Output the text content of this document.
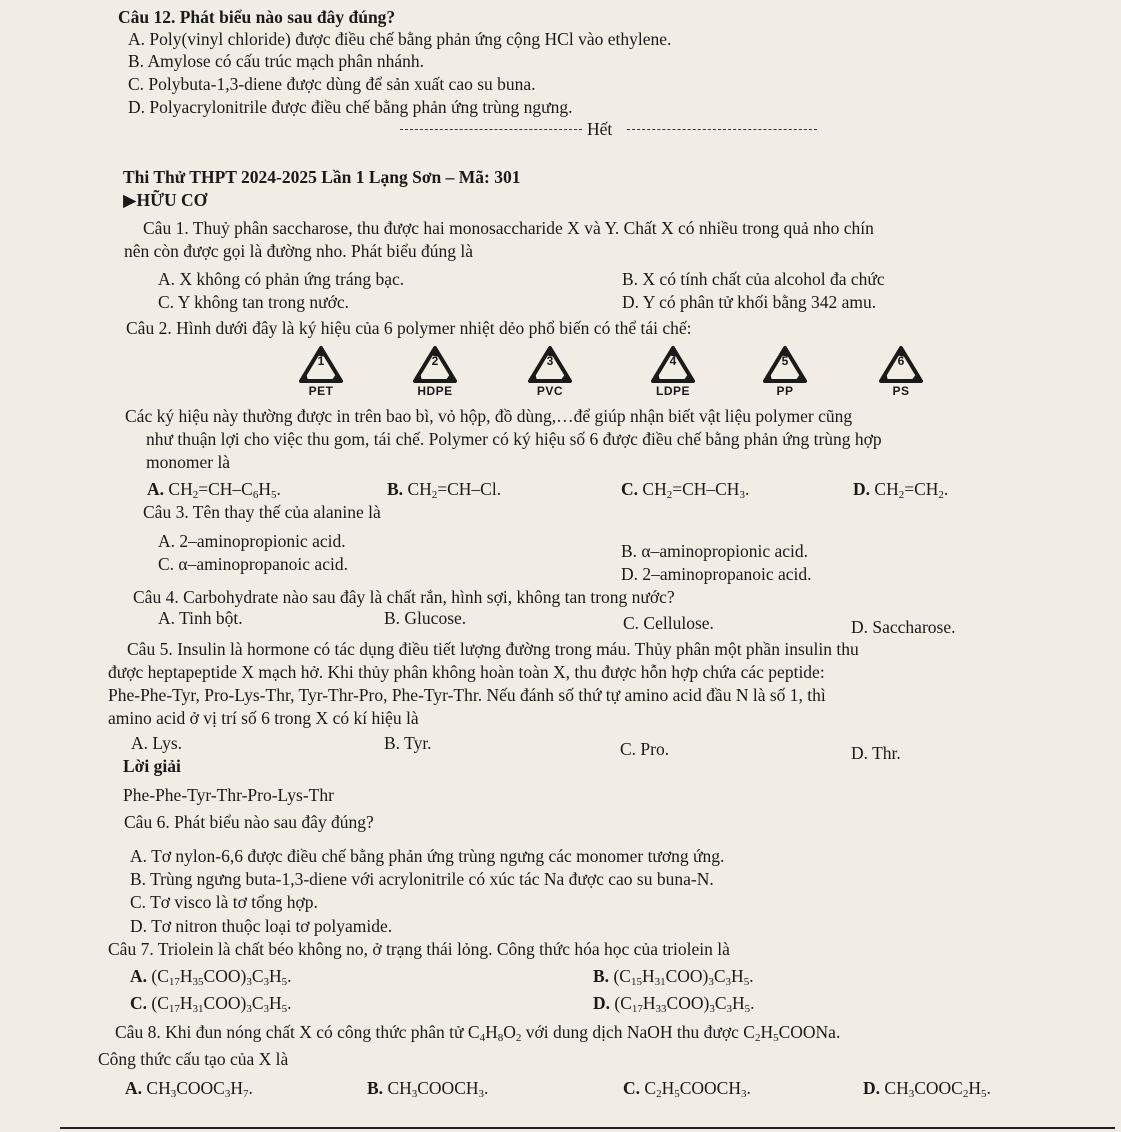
Câu 12. Phát biểu nào sau đây đúng?
A. Poly(vinyl chloride) được điều chế bằng phản ứng cộng HCl vào ethylene.
B. Amylose có cấu trúc mạch phân nhánh.
C. Polybuta-1,3-diene được dùng để sản xuất cao su buna.
D. Polyacrylonitrile được điều chế bằng phản ứng trùng ngưng.
Hết
Thi Thử THPT 2024-2025 Lần 1 Lạng Sơn – Mã: 301
▶HỮU CƠ
Câu 1. Thuỷ phân saccharose, thu được hai monosaccharide X và Y. Chất X có nhiều trong quả nho chín
nên còn được gọi là đường nho. Phát biểu đúng là
A. X không có phản ứng tráng bạc.	B. X có tính chất của alcohol đa chức
C. Y không tan trong nước.	D. Y có phân tử khối bằng 342 amu.
Câu 2. Hình dưới đây là ký hiệu của 6 polymer nhiệt dẻo phổ biến có thể tái chế:
1
PET
2
HDPE
3
PVC
4
LDPE
5
PP
6
PS
Các ký hiệu này thường được in trên bao bì, vỏ hộp, đồ dùng,…để giúp nhận biết vật liệu polymer cũng
như thuận lợi cho việc thu gom, tái chế. Polymer có ký hiệu số 6 được điều chế bằng phản ứng trùng hợp
monomer là
A. $CH_2=CH-C_6H_5$.	B. $CH_2=CH-Cl$.	C. $CH_2=CH-CH_3$.	D. $CH_2=CH_2$.
Câu 3. Tên thay thế của alanine là
A. 2–aminopropionic acid.	B. α–aminopropionic acid.
C. α–aminopropanoic acid.	D. 2–aminopropanoic acid.
Câu 4. Carbohydrate nào sau đây là chất rắn, hình sợi, không tan trong nước?
A. Tinh bột.	B. Glucose.	C. Cellulose.	D. Saccharose.
Câu 5. Insulin là hormone có tác dụng điều tiết lượng đường trong máu. Thủy phân một phần insulin thu
được heptapeptide X mạch hở. Khi thủy phân không hoàn toàn X, thu được hỗn hợp chứa các peptide:
Phe-Phe-Tyr, Pro-Lys-Thr, Tyr-Thr-Pro, Phe-Tyr-Thr. Nếu đánh số thứ tự amino acid đầu N là số 1, thì
amino acid ở vị trí số 6 trong X có kí hiệu là
A. Lys.	B. Tyr.	C. Pro.	D. Thr.
Lời giải
Phe-Phe-Tyr-Thr-Pro-Lys-Thr
Câu 6. Phát biểu nào sau đây đúng?
A. Tơ nylon-6,6 được điều chế bằng phản ứng trùng ngưng các monomer tương ứng.
B. Trùng ngưng buta-1,3-diene với acrylonitrile có xúc tác Na được cao su buna-N.
C. Tơ visco là tơ tổng hợp.
D. Tơ nitron thuộc loại tơ polyamide.
Câu 7. Triolein là chất béo không no, ở trạng thái lỏng. Công thức hóa học của triolein là
A. $(C_{17}H_{35}COO)_3C_3H_5$.	B. $(C_{15}H_{31}COO)_3C_3H_5$.
C. $(C_{17}H_{31}COO)_3C_3H_5$.	D. $(C_{17}H_{33}COO)_3C_3H_5$.
Câu 8. Khi đun nóng chất X có công thức phân tử $C_4H_8O_2$ với dung dịch NaOH thu được $C_2H_5COONa$.
Công thức cấu tạo của X là
A. $CH_3COOC_3H_7$.	B. $CH_3COOCH_3$.	C. $C_2H_5COOCH_3$.	D. $CH_3COOC_2H_5$.
